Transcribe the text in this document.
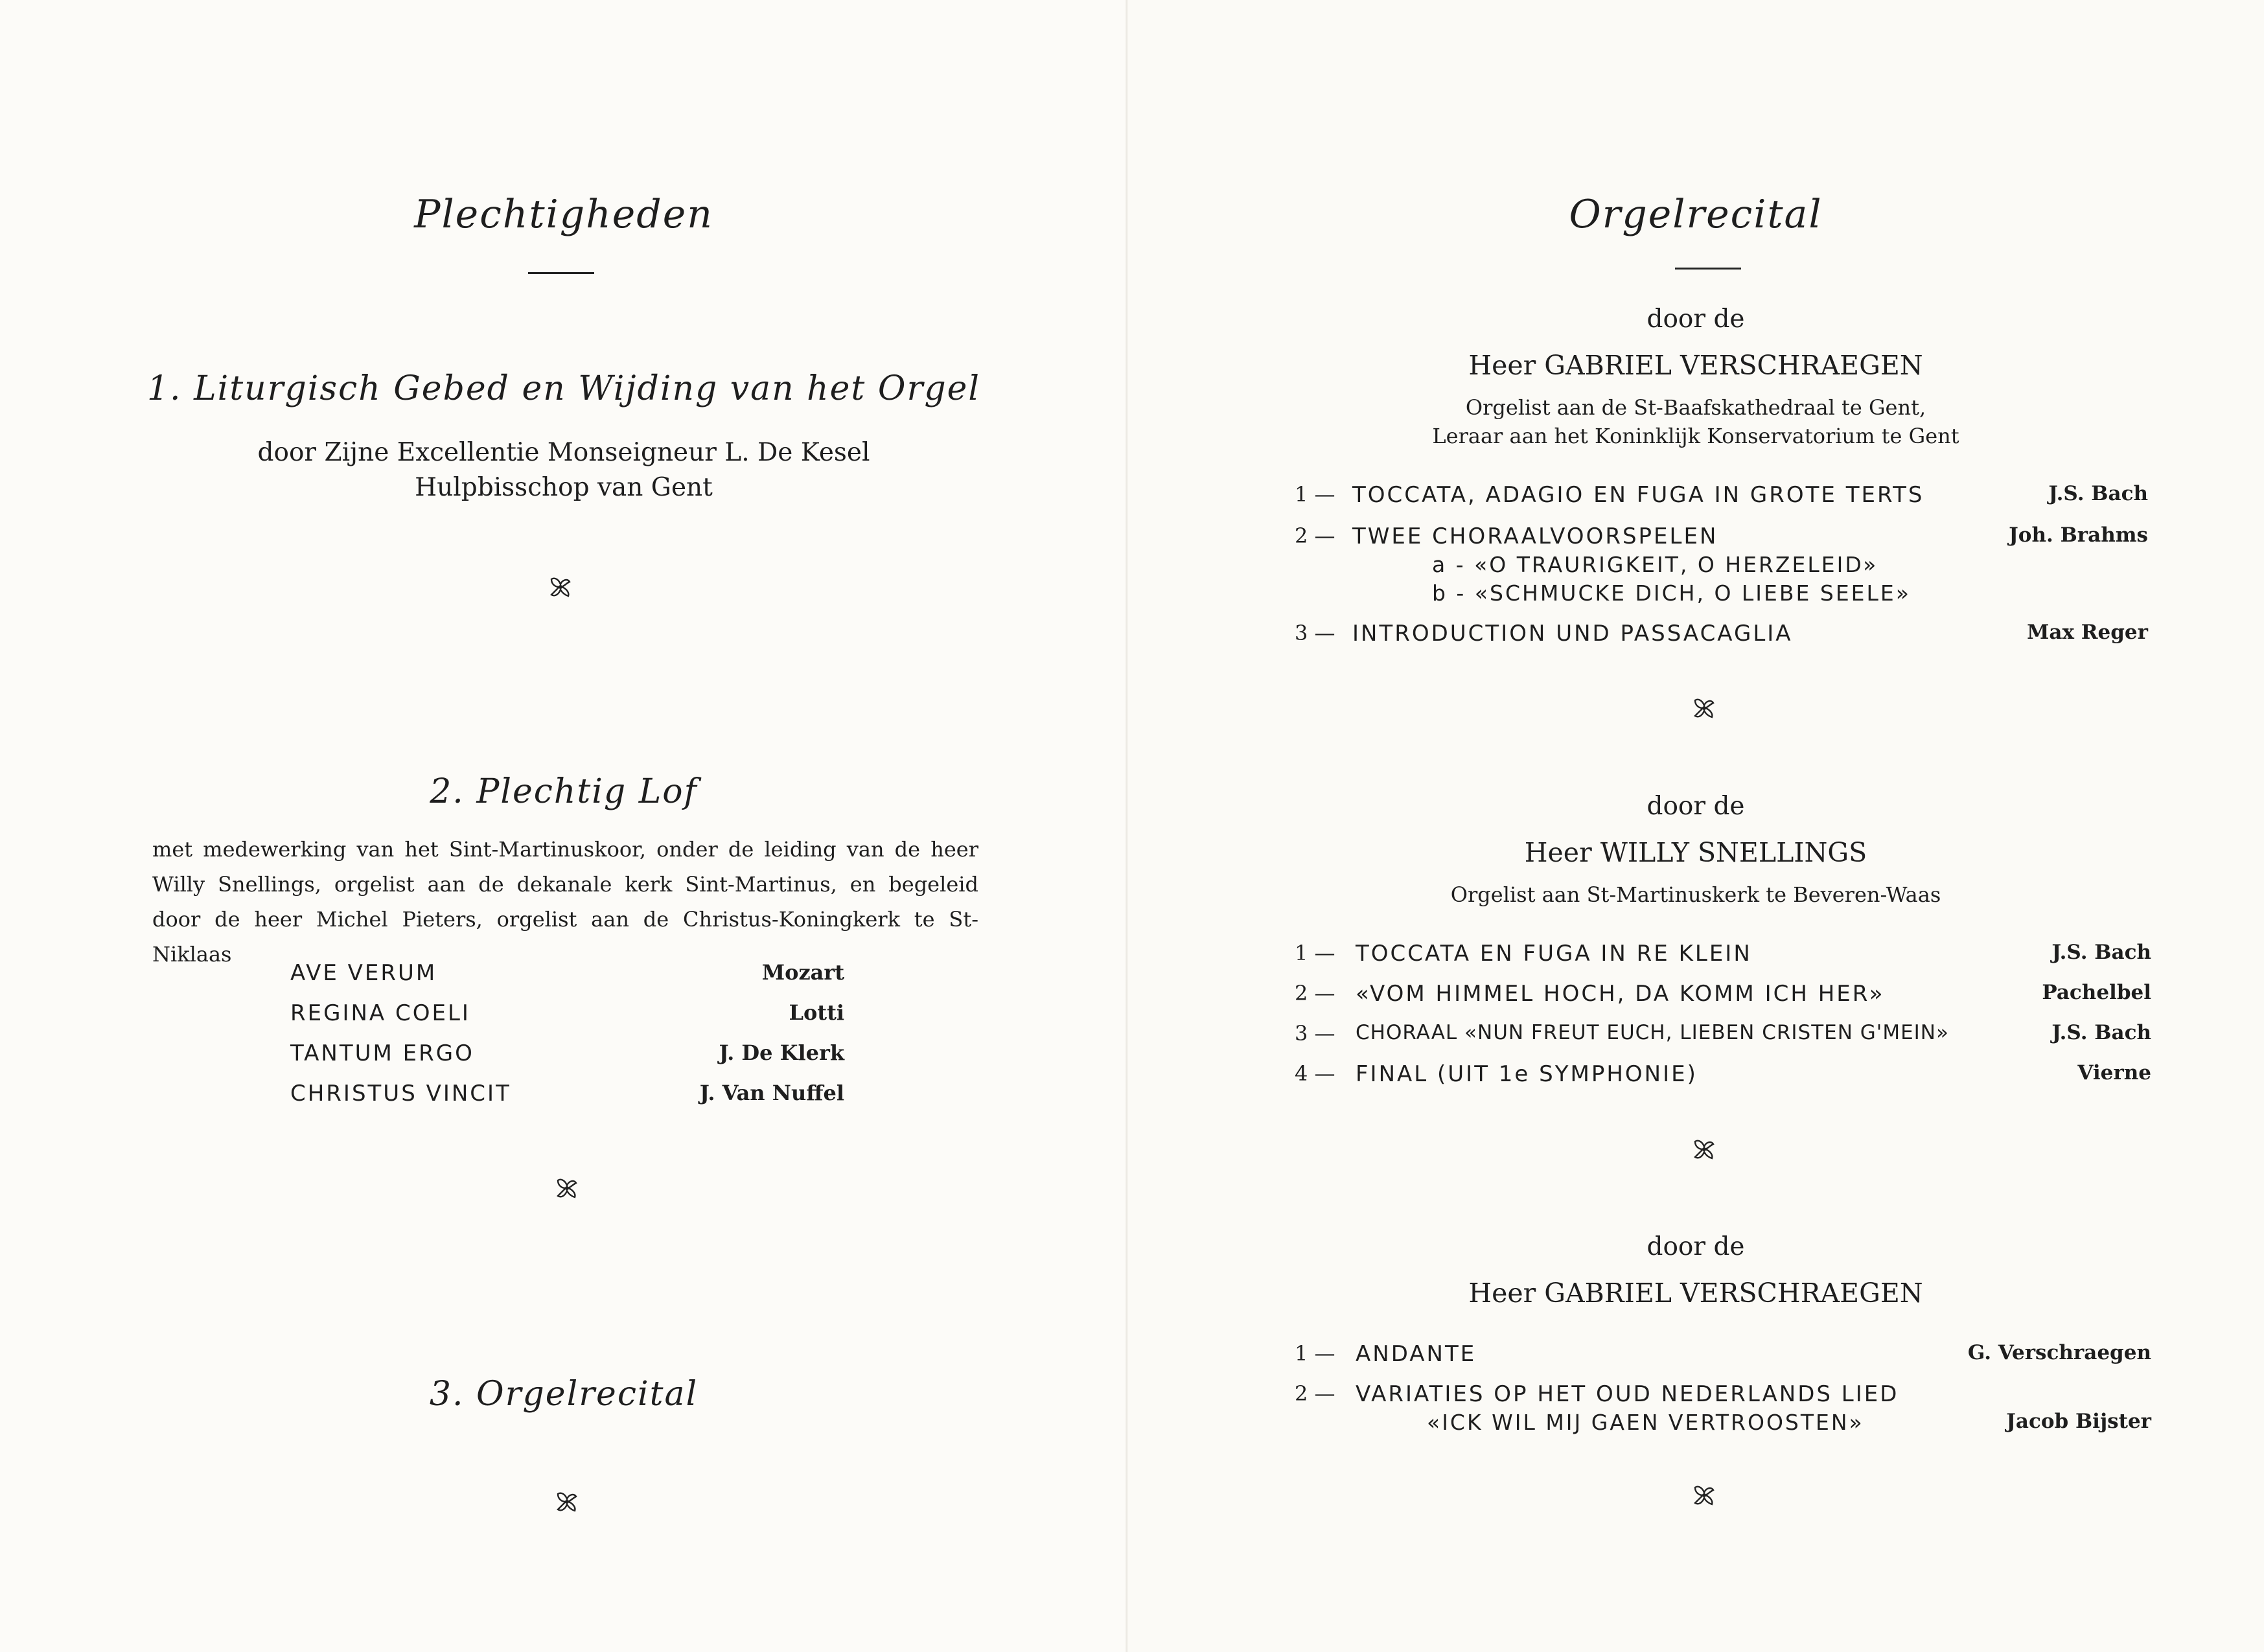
Plechtigheden
1. Liturgisch Gebed en Wijding van het Orgel
door Zijne Excellentie Monseigneur L. De Kesel
Hulpbisschop van Gent
2. Plechtig Lof
met medewerking van het Sint-Martinuskoor, onder de leiding van de heer
Willy Snellings, orgelist aan de dekanale kerk Sint-Martinus, en begeleid
door de heer Michel Pieters, orgelist aan de Christus-Koningkerk te St-Niklaas
AVE VERUM	Mozart
REGINA COELI	Lotti
TANTUM ERGO	J. De Klerk
CHRISTUS VINCIT	J. Van Nuffel
3. Orgelrecital
Orgelrecital
door de
Heer GABRIEL VERSCHRAEGEN
Orgelist aan de St-Baafskathedraal te Gent,
Leraar aan het Koninklijk Konservatorium te Gent
1 — TOCCATA, ADAGIO EN FUGA IN GROTE TERTS	J.S. Bach
2 — TWEE CHORAALVOORSPELEN	Joh. Brahms
a - «O TRAURIGKEIT, O HERZELEID»
b - «SCHMUCKE DICH, O LIEBE SEELE»
3 — INTRODUCTION UND PASSACAGLIA	Max Reger
door de
Heer WILLY SNELLINGS
Orgelist aan St-Martinuskerk te Beveren-Waas
1 — TOCCATA EN FUGA IN RE KLEIN	J.S. Bach
2 — «VOM HIMMEL HOCH, DA KOMM ICH HER»	Pachelbel
3 — CHORAAL «NUN FREUT EUCH, LIEBEN CRISTEN G'MEIN»	J.S. Bach
4 — FINAL (UIT 1e SYMPHONIE)	Vierne
door de
Heer GABRIEL VERSCHRAEGEN
1 — ANDANTE	G. Verschraegen
2 — VARIATIES OP HET OUD NEDERLANDS LIED
«ICK WIL MIJ GAEN VERTROOSTEN»	Jacob Bijster
